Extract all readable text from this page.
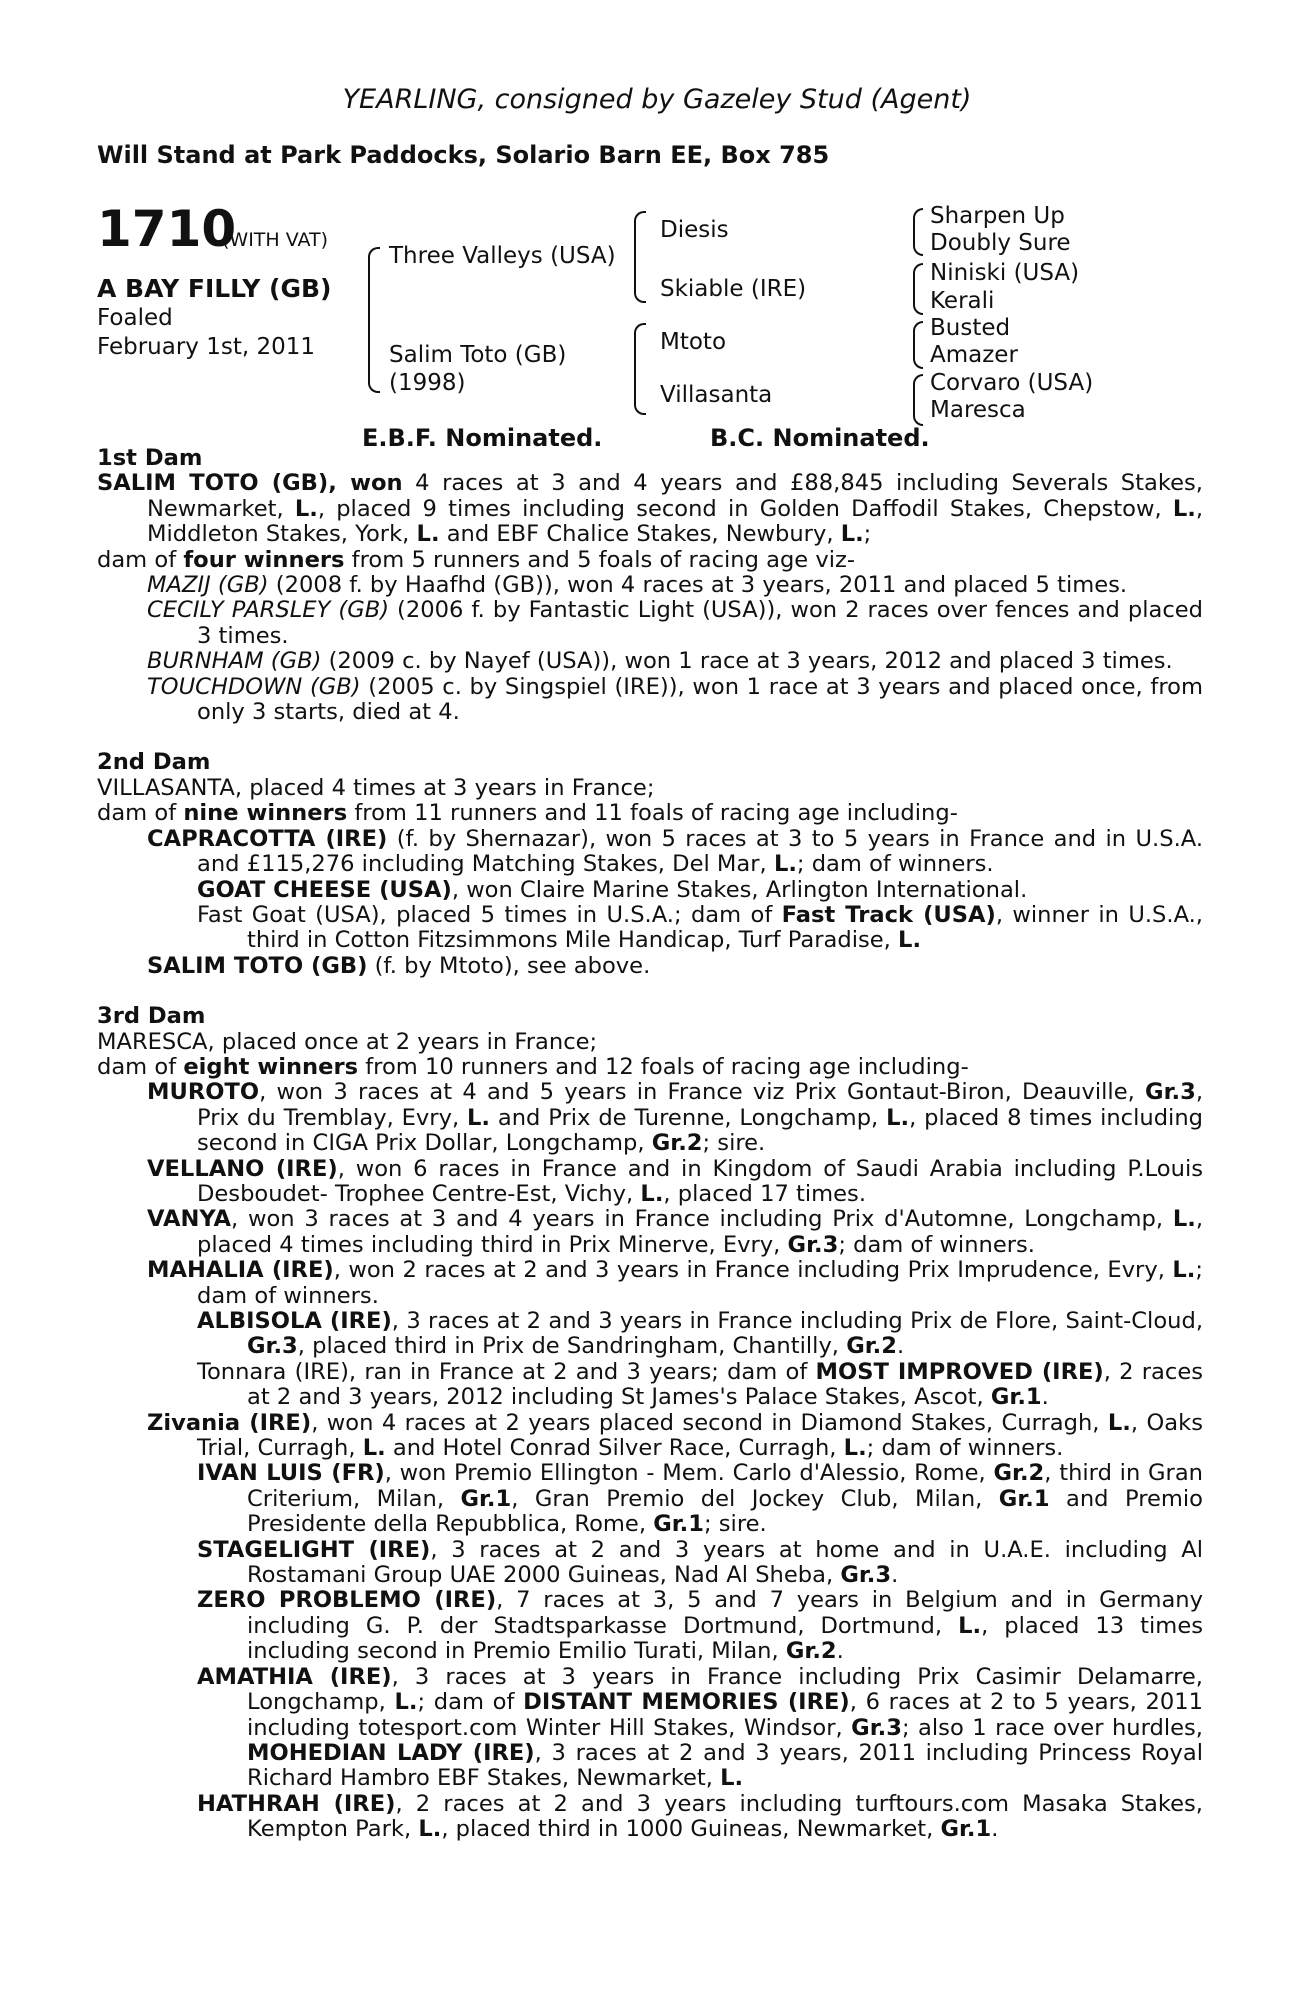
YEARLING, consigned by Gazeley Stud (Agent)
Will Stand at Park Paddocks, Solario Barn EE, Box 785
1710
(WITH VAT)
A BAY FILLY (GB)
Foaled
February 1st, 2011
Three Valleys (USA)
Salim Toto (GB)
(1998)
Diesis
Skiable (IRE)
Mtoto
Villasanta
Sharpen Up
Doubly Sure
Niniski (USA)
Kerali
Busted
Amazer
Corvaro (USA)
Maresca
E.B.F. Nominated.	B.C. Nominated.

1st Dam

SALIM TOTO (GB), won 4 races at 3 and 4 years and £88,845 including Severals Stakes, Newmarket, L., placed 9 times including second in Golden Daffodil Stakes, Chepstow, L., Middleton Stakes, York, L. and EBF Chalice Stakes, Newbury, L.;

dam of four winners from 5 runners and 5 foals of racing age viz-

MAZIJ (GB) (2008 f. by Haafhd (GB)), won 4 races at 3 years, 2011 and placed 5 times.

CECILY PARSLEY (GB) (2006 f. by Fantastic Light (USA)), won 2 races over fences and placed 3 times.

BURNHAM (GB) (2009 c. by Nayef (USA)), won 1 race at 3 years, 2012 and placed 3 times.

TOUCHDOWN (GB) (2005 c. by Singspiel (IRE)), won 1 race at 3 years and placed once, from only 3 starts, died at 4.

2nd Dam

VILLASANTA, placed 4 times at 3 years in France;

dam of nine winners from 11 runners and 11 foals of racing age including-

CAPRACOTTA (IRE) (f. by Shernazar), won 5 races at 3 to 5 years in France and in U.S.A. and £115,276 including Matching Stakes, Del Mar, L.; dam of winners.

GOAT CHEESE (USA), won Claire Marine Stakes, Arlington International.

Fast Goat (USA), placed 5 times in U.S.A.; dam of Fast Track (USA), winner in U.S.A., third in Cotton Fitzsimmons Mile Handicap, Turf Paradise, L.

SALIM TOTO (GB) (f. by Mtoto), see above.

3rd Dam

MARESCA, placed once at 2 years in France;

dam of eight winners from 10 runners and 12 foals of racing age including-

MUROTO, won 3 races at 4 and 5 years in France viz Prix Gontaut-Biron, Deauville, Gr.3, Prix du Tremblay, Evry, L. and Prix de Turenne, Longchamp, L., placed 8 times including second in CIGA Prix Dollar, Longchamp, Gr.2; sire.

VELLANO (IRE), won 6 races in France and in Kingdom of Saudi Arabia including P.Louis Desboudet- Trophee Centre-Est, Vichy, L., placed 17 times.

VANYA, won 3 races at 3 and 4 years in France including Prix d'Automne, Longchamp, L., placed 4 times including third in Prix Minerve, Evry, Gr.3; dam of winners.

MAHALIA (IRE), won 2 races at 2 and 3 years in France including Prix Imprudence, Evry, L.; dam of winners.

ALBISOLA (IRE), 3 races at 2 and 3 years in France including Prix de Flore, Saint-Cloud, Gr.3, placed third in Prix de Sandringham, Chantilly, Gr.2.

Tonnara (IRE), ran in France at 2 and 3 years; dam of MOST IMPROVED (IRE), 2 races at 2 and 3 years, 2012 including St James's Palace Stakes, Ascot, Gr.1.

Zivania (IRE), won 4 races at 2 years placed second in Diamond Stakes, Curragh, L., Oaks Trial, Curragh, L. and Hotel Conrad Silver Race, Curragh, L.; dam of winners.

IVAN LUIS (FR), won Premio Ellington - Mem. Carlo d'Alessio, Rome, Gr.2, third in Gran Criterium, Milan, Gr.1, Gran Premio del Jockey Club, Milan, Gr.1 and Premio Presidente della Repubblica, Rome, Gr.1; sire.

STAGELIGHT (IRE), 3 races at 2 and 3 years at home and in U.A.E. including Al Rostamani Group UAE 2000 Guineas, Nad Al Sheba, Gr.3.

ZERO PROBLEMO (IRE), 7 races at 3, 5 and 7 years in Belgium and in Germany including G. P. der Stadtsparkasse Dortmund, Dortmund, L., placed 13 times including second in Premio Emilio Turati, Milan, Gr.2.

AMATHIA (IRE), 3 races at 3 years in France including Prix Casimir Delamarre, Longchamp, L.; dam of DISTANT MEMORIES (IRE), 6 races at 2 to 5 years, 2011 including totesport.com Winter Hill Stakes, Windsor, Gr.3; also 1 race over hurdles, MOHEDIAN LADY (IRE), 3 races at 2 and 3 years, 2011 including Princess Royal Richard Hambro EBF Stakes, Newmarket, L.

HATHRAH (IRE), 2 races at 2 and 3 years including turftours.com Masaka Stakes, Kempton Park, L., placed third in 1000 Guineas, Newmarket, Gr.1.
